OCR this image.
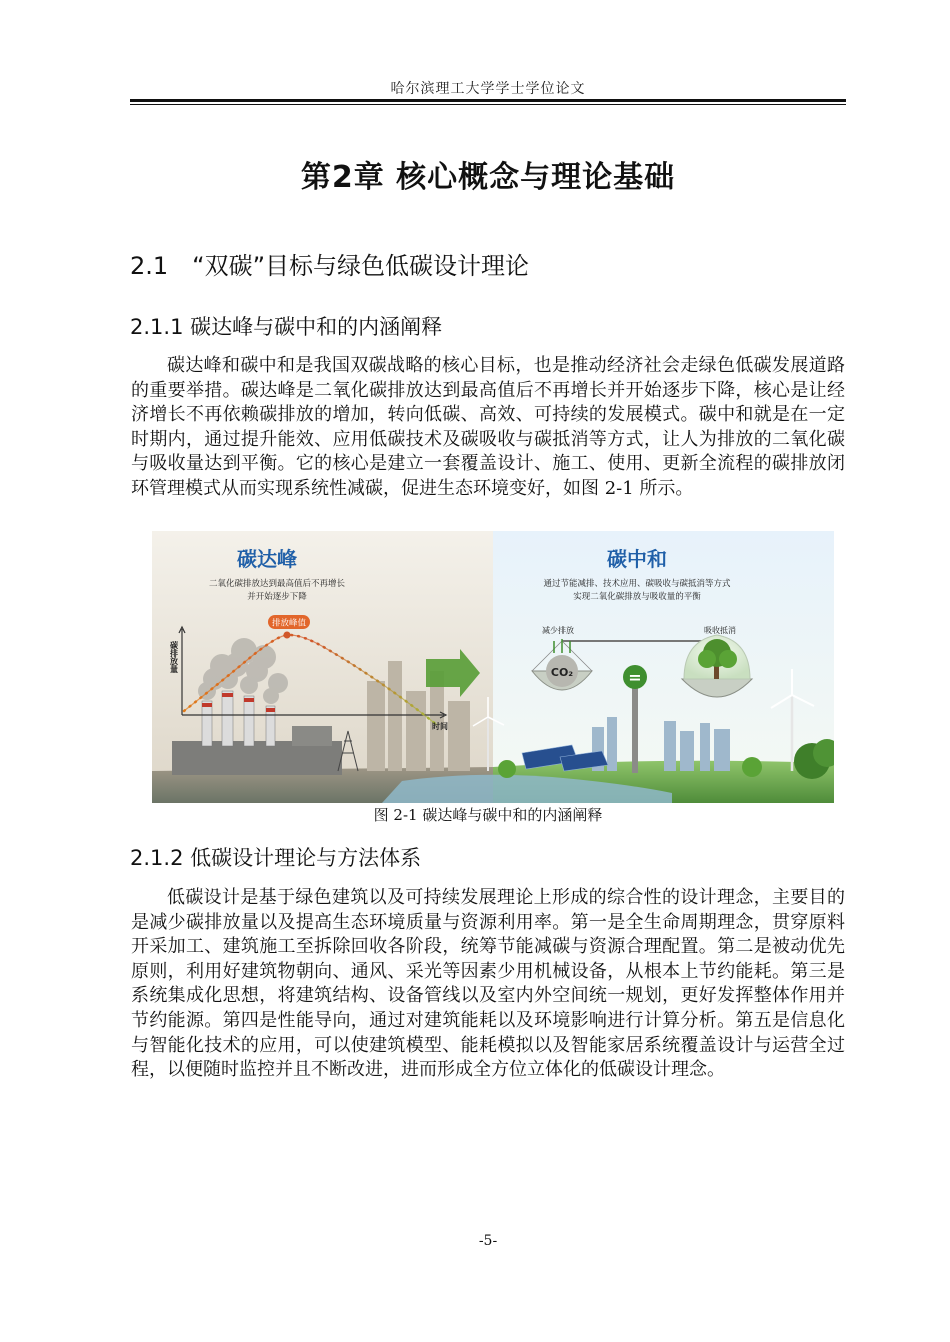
哈尔滨理工大学学士学位论文
第2章 核心概念与理论基础
2.1 “双碳”目标与绿色低碳设计理论
2.1.1 碳达峰与碳中和的内涵阐释

碳达峰和碳中和是我国双碳战略的核心目标，也是推动经济社会走绿色低碳发展道路的重要举措。碳达峰是二氧化碳排放达到最高值后不再增长并开始逐步下降，核心是让经济增长不再依赖碳排放的增加，转向低碳、高效、可持续的发展模式。碳中和就是在一定时期内，通过提升能效、应用低碳技术及碳吸收与碳抵消等方式，让人为排放的二氧化碳与吸收量达到平衡。它的核心是建立一套覆盖设计、施工、使用、更新全流程的碳排放闭环管理模式从而实现系统性减碳，促进生态环境变好，如图 2-1 所示。

排放峰值
碳排放量
时间
碳达峰
二氧化碳排放达到最高值后不再增长
并开始逐步下降
碳中和
通过节能减排、技术应用、碳吸收与碳抵消等方式
实现二氧化碳排放与吸收量的平衡
=
CO₂
减少排放	吸收抵消
图 2-1 碳达峰与碳中和的内涵阐释
2.1.2 低碳设计理论与方法体系

低碳设计是基于绿色建筑以及可持续发展理论上形成的综合性的设计理念，主要目的是减少碳排放量以及提高生态环境质量与资源利用率。第一是全生命周期理念，贯穿原料开采加工、建筑施工至拆除回收各阶段，统筹节能减碳与资源合理配置。第二是被动优先原则，利用好建筑物朝向、通风、采光等因素少用机械设备，从根本上节约能耗。第三是系统集成化思想，将建筑结构、设备管线以及室内外空间统一规划，更好发挥整体作用并节约能源。第四是性能导向，通过对建筑能耗以及环境影响进行计算分析。第五是信息化与智能化技术的应用，可以使建筑模型、能耗模拟以及智能家居系统覆盖设计与运营全过程，以便随时监控并且不断改进，进而形成全方位立体化的低碳设计理念。

-5-
